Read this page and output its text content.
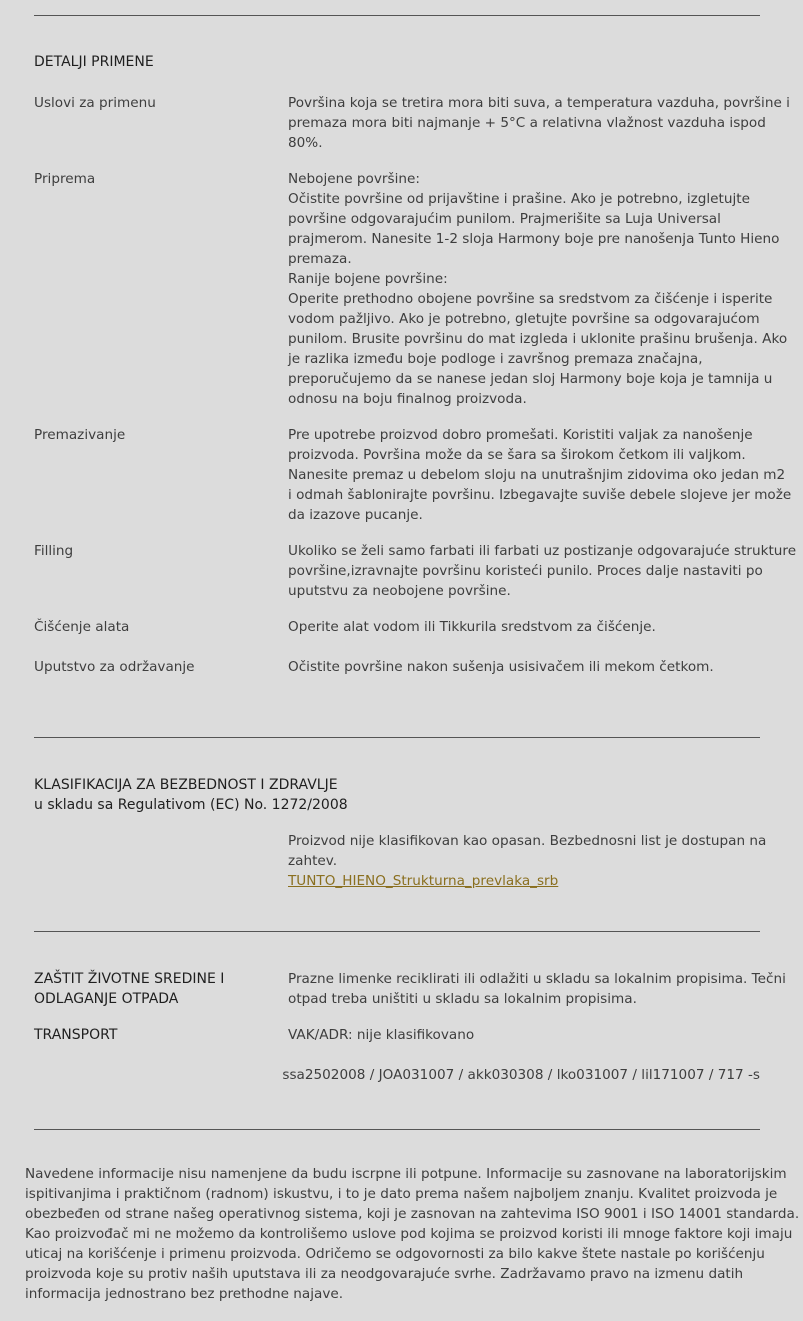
DETALJI PRIMENE
Uslovi za primenu	Površina koja se tretira mora biti suva, a temperatura vazduha, površine i
premaza mora biti najmanje + 5°C a relativna vlažnost vazduha ispod
80%.
Priprema	Nebojene površine:
Očistite površine od prijavštine i prašine. Ako je potrebno, izgletujte
površine odgovarajućim punilom. Prajmerišite sa Luja Universal
prajmerom. Nanesite 1-2 sloja Harmony boje pre nanošenja Tunto Hieno
premaza.
Ranije bojene površine:
Operite prethodno obojene površine sa sredstvom za čišćenje i isperite
vodom pažljivo. Ako je potrebno, gletujte površine sa odgovarajućom
punilom. Brusite površinu do mat izgleda i uklonite prašinu brušenja. Ako
je razlika između boje podloge i završnog premaza značajna,
preporučujemo da se nanese jedan sloj Harmony boje koja je tamnija u
odnosu na boju finalnog proizvoda.
Premazivanje	Pre upotrebe proizvod dobro promešati. Koristiti valjak za nanošenje
proizvoda. Površina može da se šara sa širokom četkom ili valjkom.
Nanesite premaz u debelom sloju na unutrašnjim zidovima oko jedan m2
i odmah šablonirajte površinu. Izbegavajte suviše debele slojeve jer može
da izazove pucanje.
Filling	Ukoliko se želi samo farbati ili farbati uz postizanje odgovarajuće strukture
površine,izravnajte površinu koristeći punilo. Proces dalje nastaviti po
uputstvu za neobojene površine.
Čišćenje alata	Operite alat vodom ili Tikkurila sredstvom za čišćenje.
Uputstvo za održavanje	Očistite površine nakon sušenja usisivačem ili mekom četkom.
KLASIFIKACIJA ZA BEZBEDNOST I ZDRAVLJE
u skladu sa Regulativom (EC) No. 1272/2008
Proizvod nije klasifikovan kao opasan. Bezbednosni list je dostupan na
zahtev.
TUNTO_HIENO_Strukturna_prevlaka_srb
ZAŠTIT ŽIVOTNE SREDINE I
ODLAGANJE OTPADA
Prazne limenke reciklirati ili odlažiti u skladu sa lokalnim propisima. Tečni
otpad treba uništiti u skladu sa lokalnim propisima.
TRANSPORT	VAK/ADR: nije klasifikovano
ssa2502008 / JOA031007 / akk030308 / lko031007 / lil171007 / 717 -s
Navedene informacije nisu namenjene da budu iscrpne ili potpune. Informacije su zasnovane na laboratorijskim
ispitivanjima i praktičnom (radnom) iskustvu, i to je dato prema našem najboljem znanju. Kvalitet proizvoda je
obezbeđen od strane našeg operativnog sistema, koji je zasnovan na zahtevima ISO 9001 i ISO 14001 standarda.
Kao proizvođač mi ne možemo da kontrolišemo uslove pod kojima se proizvod koristi ili mnoge faktore koji imaju
uticaj na korišćenje i primenu proizvoda. Odričemo se odgovornosti za bilo kakve štete nastale po korišćenju
proizvoda koje su protiv naših uputstava ili za neodgovarajuće svrhe. Zadržavamo pravo na izmenu datih
informacija jednostrano bez prethodne najave.
